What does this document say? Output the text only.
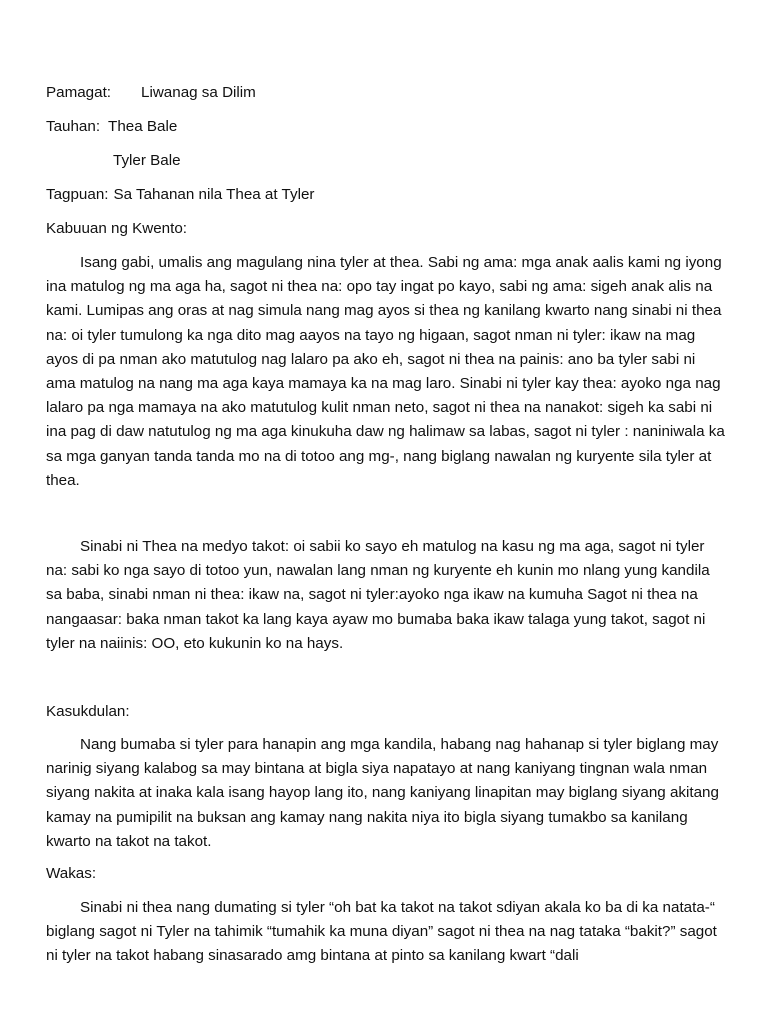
Pamagat: Liwanag sa Dilim
Tauhan: Thea Bale
Tyler Bale
Tagpuan: Sa Tahanan nila Thea at Tyler
Kabuuan ng Kwento:
Isang gabi, umalis ang magulang nina tyler at thea. Sabi ng ama: mga anak aalis kami ng iyong ina matulog ng ma aga ha, sagot ni thea na: opo tay ingat po kayo, sabi ng ama: sigeh anak alis na kami. Lumipas ang oras at nag simula nang mag ayos si thea ng kanilang kwarto nang sinabi ni thea na: oi tyler tumulong ka nga dito mag aayos na tayo ng higaan, sagot nman ni tyler: ikaw na mag ayos di pa nman ako matutulog nag lalaro pa ako eh, sagot ni thea na painis: ano ba tyler sabi ni ama matulog na nang ma aga kaya mamaya ka na mag laro. Sinabi ni tyler kay thea: ayoko nga nag lalaro pa nga mamaya na ako matutulog kulit nman neto, sagot ni thea na nanakot: sigeh ka sabi ni ina pag di daw natutulog ng ma aga kinukuha daw ng halimaw sa labas, sagot ni tyler : naniniwala ka sa mga ganyan tanda tanda mo na di totoo ang mg-, nang biglang nawalan ng kuryente sila tyler at thea.
Sinabi ni Thea na medyo takot: oi sabii ko sayo eh matulog na kasu ng ma aga, sagot ni tyler na: sabi ko nga sayo di totoo yun, nawalan lang nman ng kuryente eh kunin mo nlang yung kandila sa baba, sinabi nman ni thea: ikaw na, sagot ni tyler:ayoko nga ikaw na kumuha Sagot ni thea na nangaasar: baka nman takot ka lang kaya ayaw mo bumaba baka ikaw talaga yung takot, sagot ni tyler na naiinis: OO, eto kukunin ko na hays.
Kasukdulan:
Nang bumaba si tyler para hanapin ang mga kandila, habang nag hahanap si tyler biglang may narinig siyang kalabog sa may bintana at bigla siya napatayo at nang kaniyang tingnan wala nman siyang nakita at inaka kala isang hayop lang ito, nang kaniyang linapitan may biglang siyang akitang kamay na pumipilit na buksan ang kamay nang nakita niya ito bigla siyang tumakbo sa kanilang kwarto na takot na takot.
Wakas:
Sinabi ni thea nang dumating si tyler “oh bat ka takot na takot sdiyan akala ko ba di ka natata-“ biglang sagot ni Tyler na tahimik “tumahik ka muna diyan” sagot ni thea na nag tataka “bakit?” sagot ni tyler na takot habang sinasarado amg bintana at pinto sa kanilang kwart “dali
